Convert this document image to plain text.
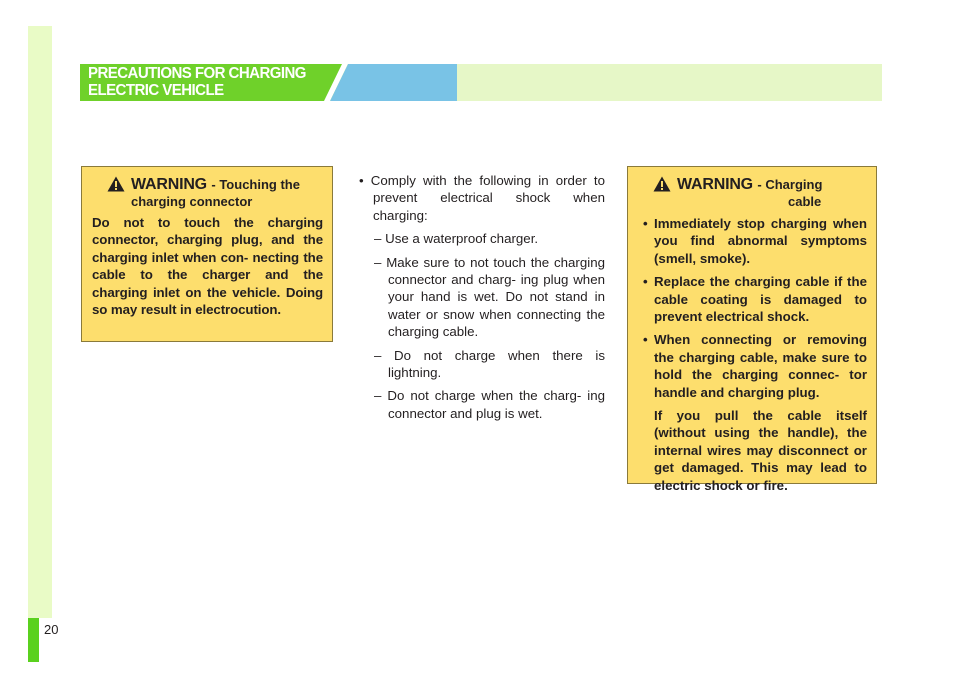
20
PRECAUTIONS FOR CHARGING
ELECTRIC VEHICLE
WARNING - Touching the
charging connector
Do not to touch the charging connector, charging plug, and the charging inlet when con- necting the cable to the charger and the charging inlet on the vehicle. Doing so may result in electrocution.
• Comply with the following in order to prevent electrical shock when charging:
– Use a waterproof charger.
– Make sure to not touch the charging connector and charg- ing plug when your hand is wet. Do not stand in water or snow when connecting the charging cable.
– Do not charge when there is lightning.
– Do not charge when the charg- ing connector and plug is wet.
WARNING - Charging
cable
• Immediately stop charging when you find abnormal symptoms (smell, smoke).
• Replace the charging cable if the cable coating is damaged to prevent electrical shock.
• When connecting or removing the charging cable, make sure to hold the charging connec- tor handle and charging plug.
If you pull the cable itself (without using the handle), the internal wires may disconnect or get damaged. This may lead to electric shock or fire.
